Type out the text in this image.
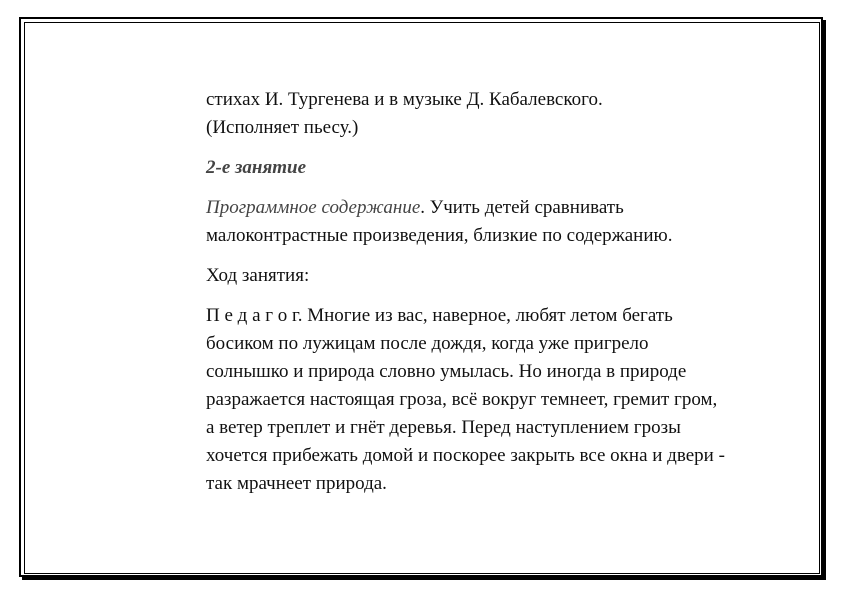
стихах И. Тургенева и в музыке Д. Кабалевского.
(Исполняет пьесу.)

2-е занятие

Программное содержание. Учить детей сравнивать малоконтрастные произведения, близкие по содержанию.

Ход занятия:

П е д а г о г. Многие из вас, наверное, любят летом бегать босиком по лужицам после дождя, когда уже пригрело солнышко и природа словно умылась. Но иногда в природе разражается настоящая гроза, всё вокруг темнеет, гремит гром, а ветер треплет и гнёт деревья. Перед наступлением грозы хочется прибежать домой и поскорее закрыть все окна и двери - так мрачнеет природа.
